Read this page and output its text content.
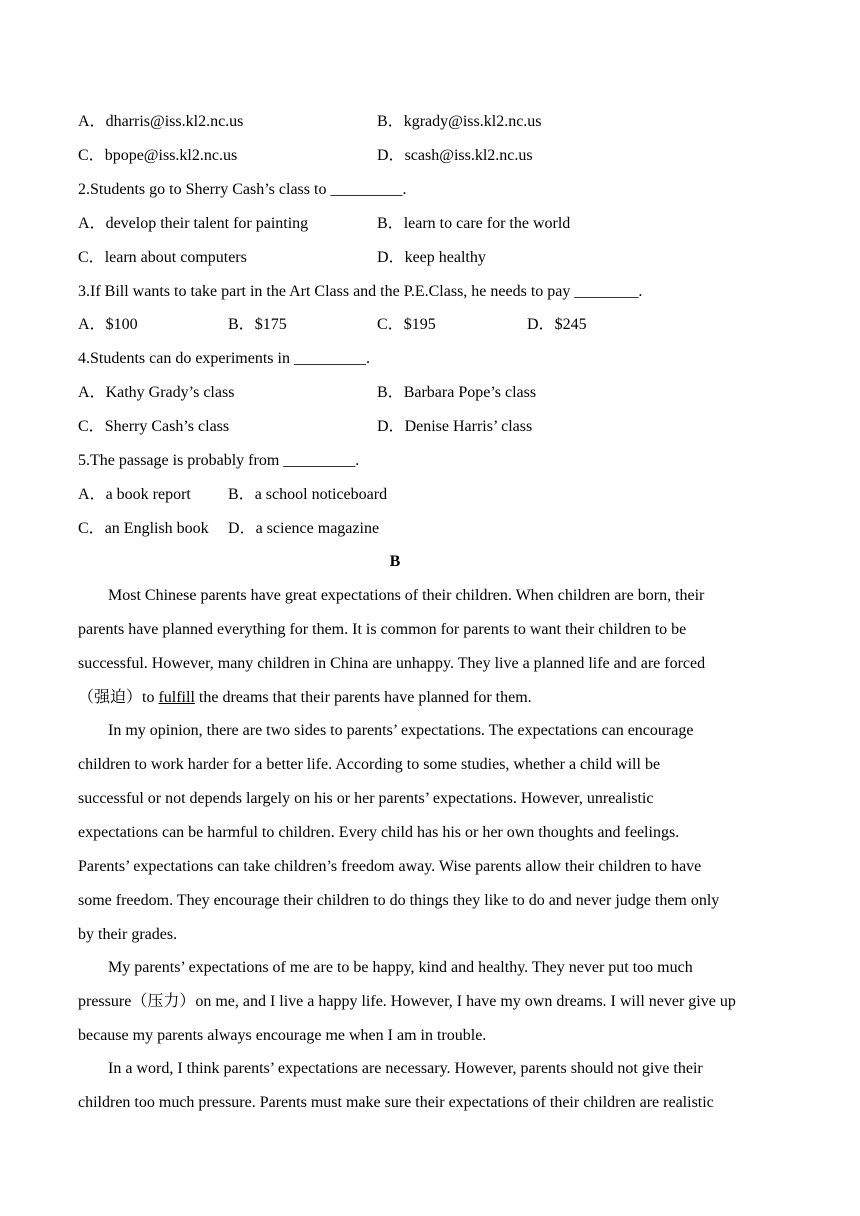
A．dharris@iss.kl2.nc.us	B．kgrady@iss.kl2.nc.us
C．bpope@iss.kl2.nc.us	D．scash@iss.kl2.nc.us
2.Students go to Sherry Cash’s class to _________.
A．develop their talent for painting	B．learn to care for the world
C．learn about computers	D．keep healthy
3.If Bill wants to take part in the Art Class and the P.E.Class, he needs to pay ________.
A．$100	B．$175	C．$195	D．$245
4.Students can do experiments in _________.
A．Kathy Grady’s class	B．Barbara Pope’s class
C．Sherry Cash’s class	D．Denise Harris’ class
5.The passage is probably from _________.
A．a book report B．a school noticeboard
C．an English book D．a science magazine
B
Most Chinese parents have great expectations of their children. When children are born, their
parents have planned everything for them. It is common for parents to want their children to be
successful. However, many children in China are unhappy. They live a planned life and are forced
（强迫）to fulfill the dreams that their parents have planned for them.
In my opinion, there are two sides to parents’ expectations. The expectations can encourage
children to work harder for a better life. According to some studies, whether a child will be
successful or not depends largely on his or her parents’ expectations. However, unrealistic
expectations can be harmful to children. Every child has his or her own thoughts and feelings.
Parents’ expectations can take children’s freedom away. Wise parents allow their children to have
some freedom. They encourage their children to do things they like to do and never judge them only
by their grades.
My parents’ expectations of me are to be happy, kind and healthy. They never put too much
pressure（压力）on me, and I live a happy life. However, I have my own dreams. I will never give up
because my parents always encourage me when I am in trouble.
In a word, I think parents’ expectations are necessary. However, parents should not give their
children too much pressure. Parents must make sure their expectations of their children are realistic
